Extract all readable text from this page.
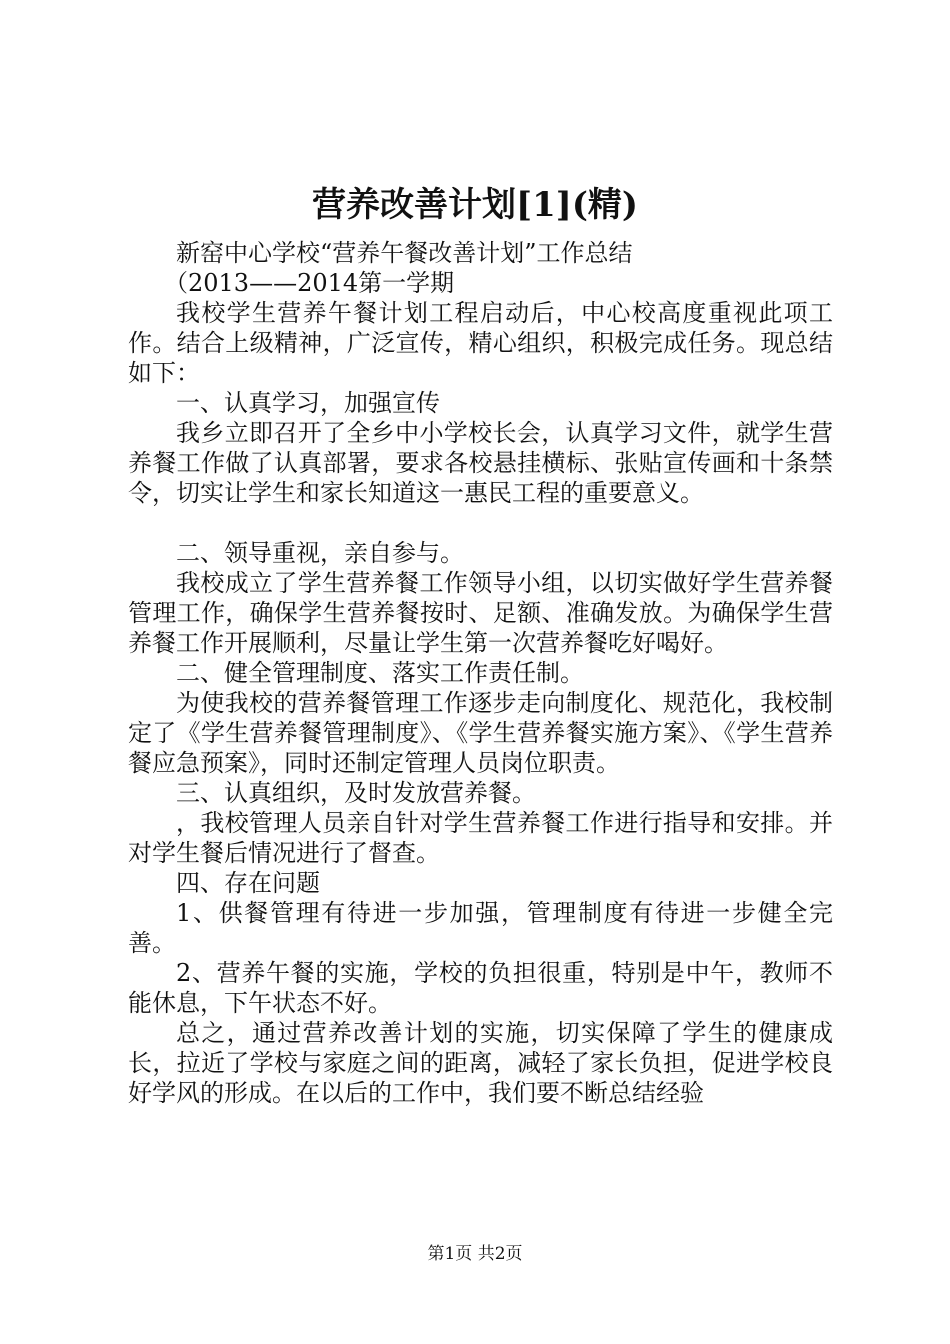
营养改善计划[1](精)

新窑中心学校“营养午餐改善计划”工作总结

（2013——2014第一学期

我校学生营养午餐计划工程启动后，中心校高度重视此项工作。结合上级精神，广泛宣传，精心组织，积极完成任务。现总结如下：

一、认真学习，加强宣传

我乡立即召开了全乡中小学校长会，认真学习文件，就学生营养餐工作做了认真部署，要求各校悬挂横标、张贴宣传画和十条禁令，切实让学生和家长知道这一惠民工程的重要意义。

二、领导重视，亲自参与。

我校成立了学生营养餐工作领导小组，以切实做好学生营养餐管理工作，确保学生营养餐按时、足额、准确发放。为确保学生营养餐工作开展顺利，尽量让学生第一次营养餐吃好喝好。

二、健全管理制度、落实工作责任制。

为使我校的营养餐管理工作逐步走向制度化、规范化，我校制定了《学生营养餐管理制度》、《学生营养餐实施方案》、《学生营养餐应急预案》，同时还制定管理人员岗位职责。

三、认真组织，及时发放营养餐。

，我校管理人员亲自针对学生营养餐工作进行指导和安排。并对学生餐后情况进行了督查。

四、存在问题

1、供餐管理有待进一步加强，管理制度有待进一步健全完善。

2、营养午餐的实施，学校的负担很重，特别是中午，教师不能休息，下午状态不好。

总之，通过营养改善计划的实施，切实保障了学生的健康成长，拉近了学校与家庭之间的距离，减轻了家长负担，促进学校良好学风的形成。在以后的工作中，我们要不断总结经验

第1页 共2页
